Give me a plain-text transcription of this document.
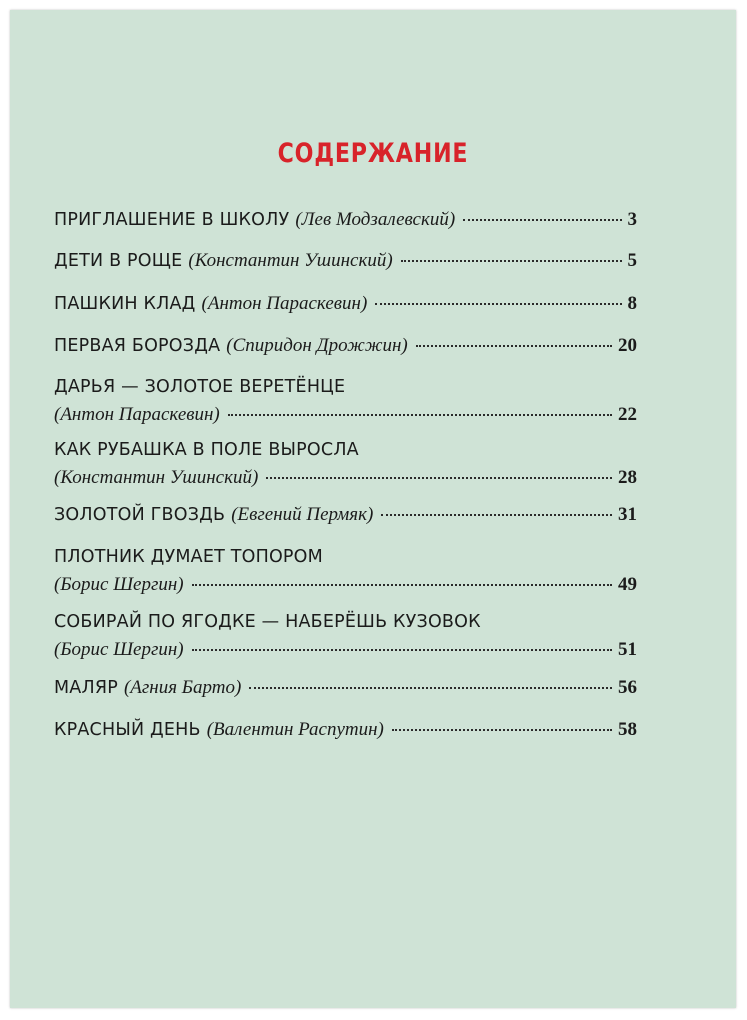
СОДЕРЖАНИЕ
ПРИГЛАШЕНИЕ В ШКОЛУ (Лев Модзалевский)	3
ДЕТИ В РОЩЕ (Константин Ушинский)	5
ПАШКИН КЛАД (Антон Параскевин)	8
ПЕРВАЯ БОРОЗДА (Спиридон Дрожжин)	20
ДАРЬЯ — ЗОЛОТОЕ ВЕРЕТЁНЦЕ
(Антон Параскевин)	22
КАК РУБАШКА В ПОЛЕ ВЫРОСЛА
(Константин Ушинский)	28
ЗОЛОТОЙ ГВОЗДЬ (Евгений Пермяк)	31
ПЛОТНИК ДУМАЕТ ТОПОРОМ
(Борис Шергин)	49
СОБИРАЙ ПО ЯГОДКЕ — НАБЕРЁШЬ КУЗОВОК
(Борис Шергин)	51
МАЛЯР (Агния Барто)	56
КРАСНЫЙ ДЕНЬ (Валентин Распутин)	58
